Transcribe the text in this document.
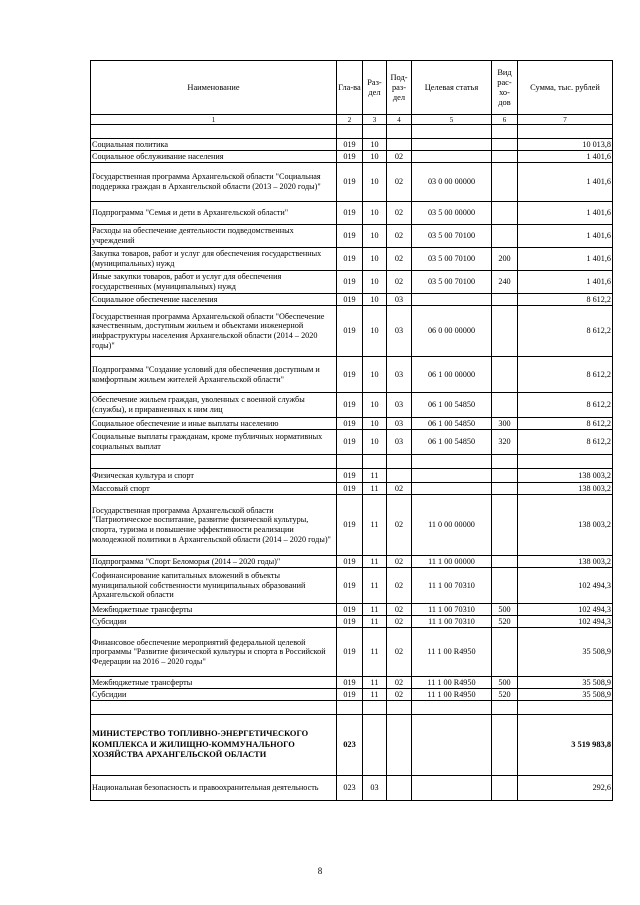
Наименование	Гла-ва	Раз-дел	Под-раз-дел	Целевая статья	Вид рас-хо-дов	Сумма, тыс. рублей
1	2	3	4	5	6	7

Социальная политика	019	10				10 013,8
Социальное обслуживание населения	019	10	02			1 401,6
Государственная программа Архангельской области "Социальная поддержка граждан в Архангельской области (2013 – 2020 годы)"	019	10	02	03 0 00 00000		1 401,6
Подпрограмма "Семья и дети в Архангельской области"	019	10	02	03 5 00 00000		1 401,6
Расходы на обеспечение деятельности подведомственных учреждений	019	10	02	03 5 00 70100		1 401,6
Закупка товаров, работ и услуг для обеспечения государственных (муниципальных) нужд	019	10	02	03 5 00 70100	200	1 401,6
Иные закупки товаров, работ и услуг для обеспечения государственных (муниципальных) нужд	019	10	02	03 5 00 70100	240	1 401,6
Социальное обеспечение населения	019	10	03			8 612,2
Государственная программа Архангельской области "Обеспечение качественным, доступным жильем и объектами инженерной инфраструктуры населения Архангельской области (2014 – 2020 годы)"	019	10	03	06 0 00 00000		8 612,2
Подпрограмма "Создание условий для обеспечения доступным и комфортным жильем жителей Архангельской области"	019	10	03	06 1 00 00000		8 612,2
Обеспечение жильем граждан, уволенных с военной службы (службы), и приравненных к ним лиц	019	10	03	06 1 00 54850		8 612,2
Социальное обеспечение и иные выплаты населению	019	10	03	06 1 00 54850	300	8 612,2
Социальные выплаты гражданам, кроме публичных нормативных социальных выплат	019	10	03	06 1 00 54850	320	8 612,2

Физическая культура и спорт	019	11				138 003,2
Массовый спорт	019	11	02			138 003,2
Государственная программа Архангельской области "Патриотическое воспитание, развитие физической культуры, спорта, туризма и повышение эффективности реализации молодежной политики в Архангельской области (2014 – 2020 годы)"	019	11	02	11 0 00 00000		138 003,2
Подпрограмма "Спорт Беломорья (2014 – 2020 годы)"	019	11	02	11 1 00 00000		138 003,2
Софинансирование капитальных вложений в объекты муниципальной собственности муниципальных образований Архангельской области	019	11	02	11 1 00 70310		102 494,3
Межбюджетные трансферты	019	11	02	11 1 00 70310	500	102 494,3
Субсидии	019	11	02	11 1 00 70310	520	102 494,3
Финансовое обеспечение мероприятий федеральной целевой программы "Развитие физической культуры и спорта в Российской Федерации на 2016 – 2020 годы"	019	11	02	11 1 00 R4950		35 508,9
Межбюджетные трансферты	019	11	02	11 1 00 R4950	500	35 508,9
Субсидии	019	11	02	11 1 00 R4950	520	35 508,9

МИНИСТЕРСТВО ТОПЛИВНО-ЭНЕРГЕТИЧЕСКОГО КОМПЛЕКСА И ЖИЛИЩНО-КОММУНАЛЬНОГО ХОЗЯЙСТВА АРХАНГЕЛЬСКОЙ ОБЛАСТИ	023					3 519 983,8
Национальная безопасность и правоохранительная деятельность	023	03				292,6
8
